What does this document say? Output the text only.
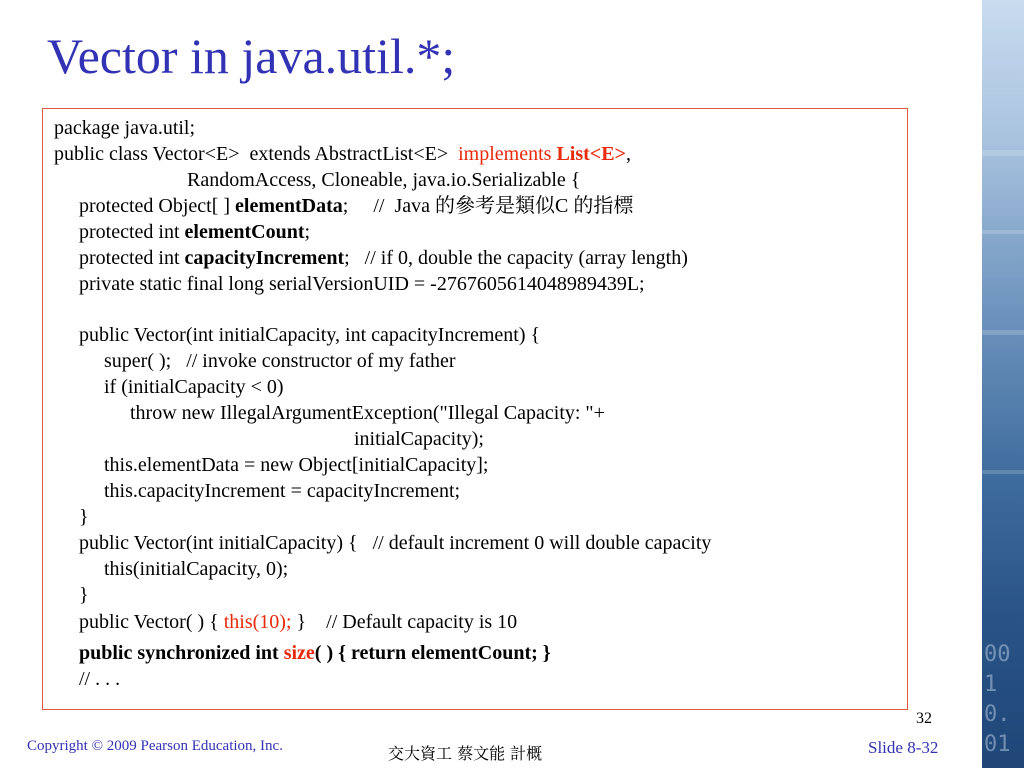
00
1
0.
01
Vector in java.util.*;
package java.util;
public class Vector<E>  extends AbstractList<E>  implements List<E>,
RandomAccess, Cloneable, java.io.Serializable {
protected Object[ ] elementData;     //  Java 的參考是類似C 的指標
protected int elementCount;
protected int capacityIncrement;   // if 0, double the capacity (array length)
private static final long serialVersionUID = -2767605614048989439L;
public Vector(int initialCapacity, int capacityIncrement) {
super( );   // invoke constructor of my father
if (initialCapacity < 0)
throw new IllegalArgumentException("Illegal Capacity: "+
initialCapacity);
this.elementData = new Object[initialCapacity];
this.capacityIncrement = capacityIncrement;
}
public Vector(int initialCapacity) {   // default increment 0 will double capacity
this(initialCapacity, 0);
}
public Vector( ) { this(10); }    // Default capacity is 10
public synchronized int size( ) { return elementCount; }
// . . .
32
Copyright © 2009 Pearson Education, Inc.	交大資工 蔡文能 計概	Slide 8-32
